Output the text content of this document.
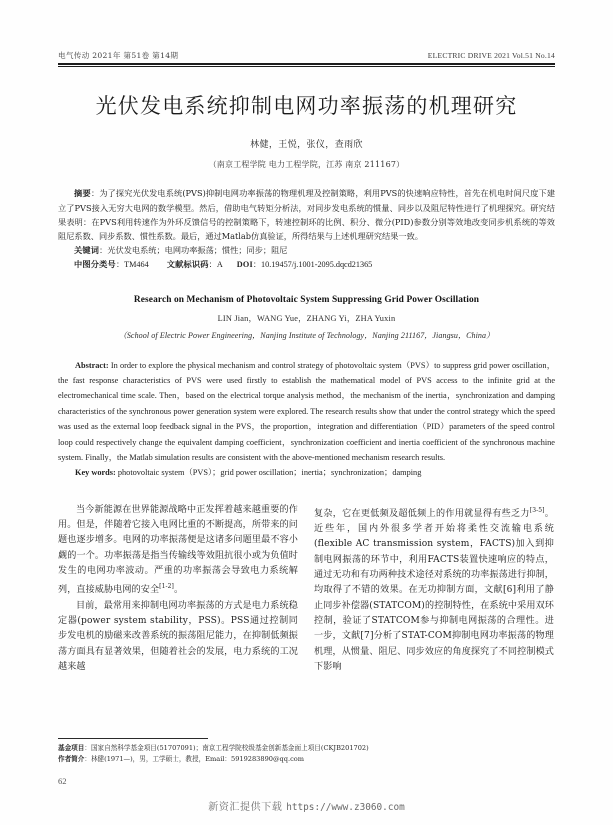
电气传动 2021年 第51卷 第14期	ELECTRIC DRIVE 2021 Vol.51 No.14
光伏发电系统抑制电网功率振荡的机理研究
林健，王悦，张仪，查雨欣
（南京工程学院 电力工程学院，江苏 南京 211167）

摘要：为了探究光伏发电系统(PVS)抑制电网功率振荡的物理机理及控制策略，利用PVS的快速响应特性，首先在机电时间尺度下建立了PVS接入无穷大电网的数学模型。然后，借助电气转矩分析法，对同步发电系统的惯量、同步以及阻尼特性进行了机理探究。研究结果表明：在PVS利用转速作为外环反馈信号的控制策略下，转速控制环的比例、积分、微分(PID)参数分别等效地改变同步机系统的等效阻尼系数、同步系数、惯性系数。最后，通过Matlab仿真验证，所得结果与上述机理研究结果一致。

关键词：光伏发电系统；电网功率振荡；惯性；同步；阻尼

中图分类号：TM464 文献标识码：A DOI：10.19457/j.1001-2095.dqcd21365

Research on Mechanism of Photovoltaic System Suppressing Grid Power Oscillation
LIN Jian，WANG Yue，ZHANG Yi，ZHA Yuxin
（School of Electric Power Engineering，Nanjing Institute of Technology，Nanjing 211167，Jiangsu，China）

Abstract: In order to explore the physical mechanism and control strategy of photovoltaic system（PVS）to suppress grid power oscillation，the fast response characteristics of PVS were used firstly to establish the mathematical model of PVS access to the infinite grid at the electromechanical time scale. Then，based on the electrical torque analysis method，the mechanism of the inertia，synchronization and damping characteristics of the synchronous power generation system were explored. The research results show that under the control strategy which the speed was used as the external loop feedback signal in the PVS，the proportion，integration and differentiation（PID）parameters of the speed control loop could respectively change the equivalent damping coefficient，synchronization coefficient and inertia coefficient of the synchronous machine system. Finally，the Matlab simulation results are consistent with the above-mentioned mechanism research results.

Key words: photovoltaic system（PVS）；grid power oscillation；inertia；synchronization；damping

当今新能源在世界能源战略中正发挥着越来越重要的作用。但是，伴随着它接入电网比重的不断提高，所带来的问题也逐步增多。电网的功率振荡便是这诸多问题里最不容小觑的一个。功率振荡是指当传输线等效阻抗很小或为负值时发生的电网功率波动。严重的功率振荡会导致电力系统解列，直接威胁电网的安全[1-2]。

目前，最常用来抑制电网功率振荡的方式是电力系统稳定器(power system stability，PSS)。PSS通过控制同步发电机的励磁来改善系统的振荡阻尼能力，在抑制低频振荡方面具有显著效果，但随着社会的发展，电力系统的工况越来越

复杂，它在更低频及超低频上的作用就显得有些乏力[3-5]。近些年，国内外很多学者开始将柔性交流输电系统(flexible AC transmission system，FACTS)加入到抑制电网振荡的环节中，利用FACTS装置快速响应的特点，通过无功和有功两种技术途径对系统的功率振荡进行抑制，均取得了不错的效果。在无功抑制方面，文献[6]利用了静止同步补偿器(STATCOM)的控制特性，在系统中采用双环控制，验证了STATCOM参与抑制电网振荡的合理性。进一步，文献[7]分析了STAT-COM抑制电网功率振荡的物理机理，从惯量、阻尼、同步效应的角度探究了不同控制模式下影响

基金项目：国家自然科学基金项目(51707091)；南京工程学院校级基金创新基金面上项目(CKJB201702)
作者简介：林健(1971—)，男，工学硕士，教授，Email：5919283890@qq.com
62
新资汇提供下载 https://www.z3060.com
